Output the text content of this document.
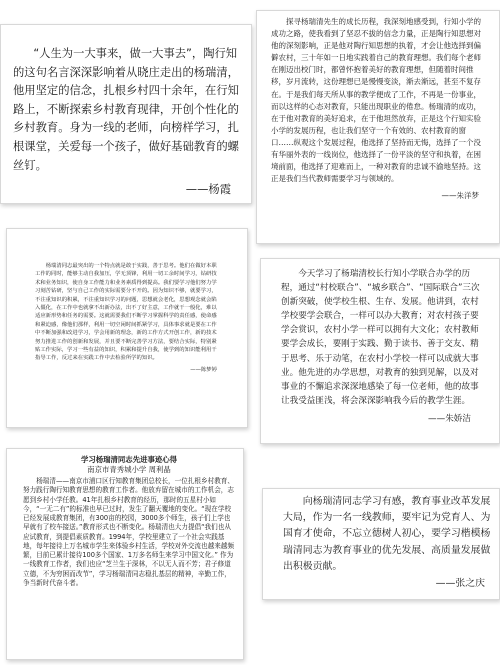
“人生为一大事来，做一大事去”，陶行知的这句名言深深影响着从晓庄走出的杨瑞清，他用坚定的信念，扎根乡村四十余年，在行知路上，不断探索乡村教育现律，开创个性化的乡村教育。身为一线的老师，向榜样学习，扎根课堂，关爱每一个孩子，做好基础教育的螺丝钉。

——杨霞

探寻杨瑞清先生的成长历程，我深刻地感受到，行知小学的成功之路，使我看到了坚忍不拔的信念力量，正是陶行知思想对他的深刻影响，正是他对陶行知思想的执着，才会让他选择到偏僻农村，三十年如一日地实践着自己的教育理想。我们每个老师在刚迈出校门时，都曾怀抱着美好的教育理想，但随着时间推移，岁月流转，这份理想已是慢慢变淡，渐去渐远，甚至不复存在。于是我们每天所从事的教学便成了工作，不再是一份事业，而以这样的心态对教育，只能出现职业的倦怠。杨瑞清的成功，在于他对教育的美好追求，在于他坦然放弃，正是这个行知实验小学的发展历程，也让我们坚守一个有效的、农村教育的窗口……纵观这个发展过程，他选择了坚持而无悔，选择了一个没有华丽外表的一线岗位，他选择了一份平淡的坚守和执着，在困境前面，他选择了迎难而上，一种对教育的忠诚不渝地坚持。这正是我们当代教师需要学习与领域的。

——朱洋梦

杨瑞清同志最突出的一个特点就是敢于实践，善于思考。他们在做好本职工作的同时，能够主动自我加压，学无顶锋，利用一切工余时间学习，钻研技术和业务知识，使自身工作能力和业务素质得到提高。我们要学习他们努力学习刻苦钻研，坚与自己工作的实际需要分不开的。因为知识不够，就要学习，不注重知识的积累，不注重知识学习的问题，思想就会老化，思想观念就会陷入僵化，在工作中也就拿不出新办法，出不了好主意，工作就干一般化，难以适应新形势和任务的需要。这就需要我们不断学习掌握科学的责任感，使命感和紧迫感，像他们那样，利用一切空闲时间抓紧学习，具体事求就是要在工作中不断加强和改进学习，学会用新的理念，新的工作方式开创工作，新的技术努力推进工作的创新和发展，并且要不断完善学习方法，要结合实际，特别紧贴工作实际，学习一些有益的知识，积累和提升自我，使学到的知识能利用干指导工作，反过来在实践工作中去检验所学的知识。

——陈梦婷

今天学习了杨瑞清校长行知小学联合办学的历程，通过“村校联合”、“城乡联合”、“国际联合”三次创新突破，使学校生根、生存、发展。他讲到，农村学校要学会联合，一样可以办大教育；对农村孩子要学会赏识，农村小学一样可以拥有大文化；农村教师要学会成长，要刚于实践、勤于读书、善于交友、精于思考、乐于动笔，在农村小学校一样可以成就大事业。他先进的办学思想，对教育的独到见解，以及对事业的不懈追求深深地感染了每一位老师，他的故事让我受益匪浅，将会深深影响我今后的教学生涯。

——朱娇洁

学习杨瑞清同志先进事迹心得

南京市青秀城小学 周利晶

杨瑞清——南京市浦口区行知教育集团总校长，一位扎根乡村教育、努力践行陶行知教育思想的教育工作者。他放弃留在城市的工作机会，志愿到乡村小学任教。41年扎根乡村教育的经历，那时的五星村小如今，“一无二有”的标准也早已过时，发生了翻天覆地的变化。“现在学校已经发展成教育集团，有300亩的校园，3000多个师生，孩子们上学也早就有了校车接送。”教育形式也不断变化。杨瑞清也大力提倡“我们也从应试教育，到提倡素质教育。1994年，学校里建立了一个社会实践基地，每年接待上万名城市学生来体验乡村生活，学校对外交流也越来越频繁，目前已累计接待100多个国家、1万多名师生来学习中国文化。” 作为一线教育工作者，我们也应“芝兰生于深林，不以无人而不芳；君子修道立德，不为穷困而改节”，学习杨瑞清同志稳扎基层的精神，辛勤工作，争当新时代奋斗者。

向杨瑞清同志学习有感，教育事业改革发展大局，作为一名一线教师，要牢记为党育人、为国育才使命，不忘立德树人初心，要学习楷模杨瑞清同志为教育事业的优先发展、高质量发展做出积极贡献。

——张之庆
